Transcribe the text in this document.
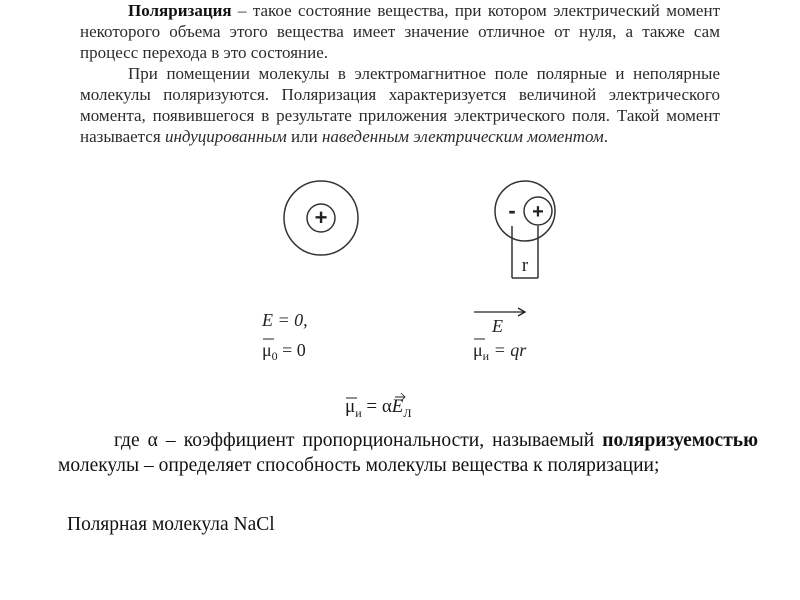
Поляризация – такое состояние вещества, при котором электрический момент некоторого объема этого вещества имеет значение отличное от нуля, а также сам процесс перехода в это состояние.

При помещении молекулы в электромагнитное поле полярные и неполярные молекулы поляризуются. Поляризация характеризуется величиной электрического момента, появившегося в результате приложения электрического поля. Такой момент называется индуцированным или наведенным электрическим моментом.

+	- +
r
E = 0,
$\mu_0 = 0$
E
$\mu_и$ = qr
$\mu_и = \alpha E_Л$

где α – коэффициент пропорциональности, называемый поляризуемостью молекулы – определяет способность молекулы вещества к поляризации;

Полярная молекула NaCl
